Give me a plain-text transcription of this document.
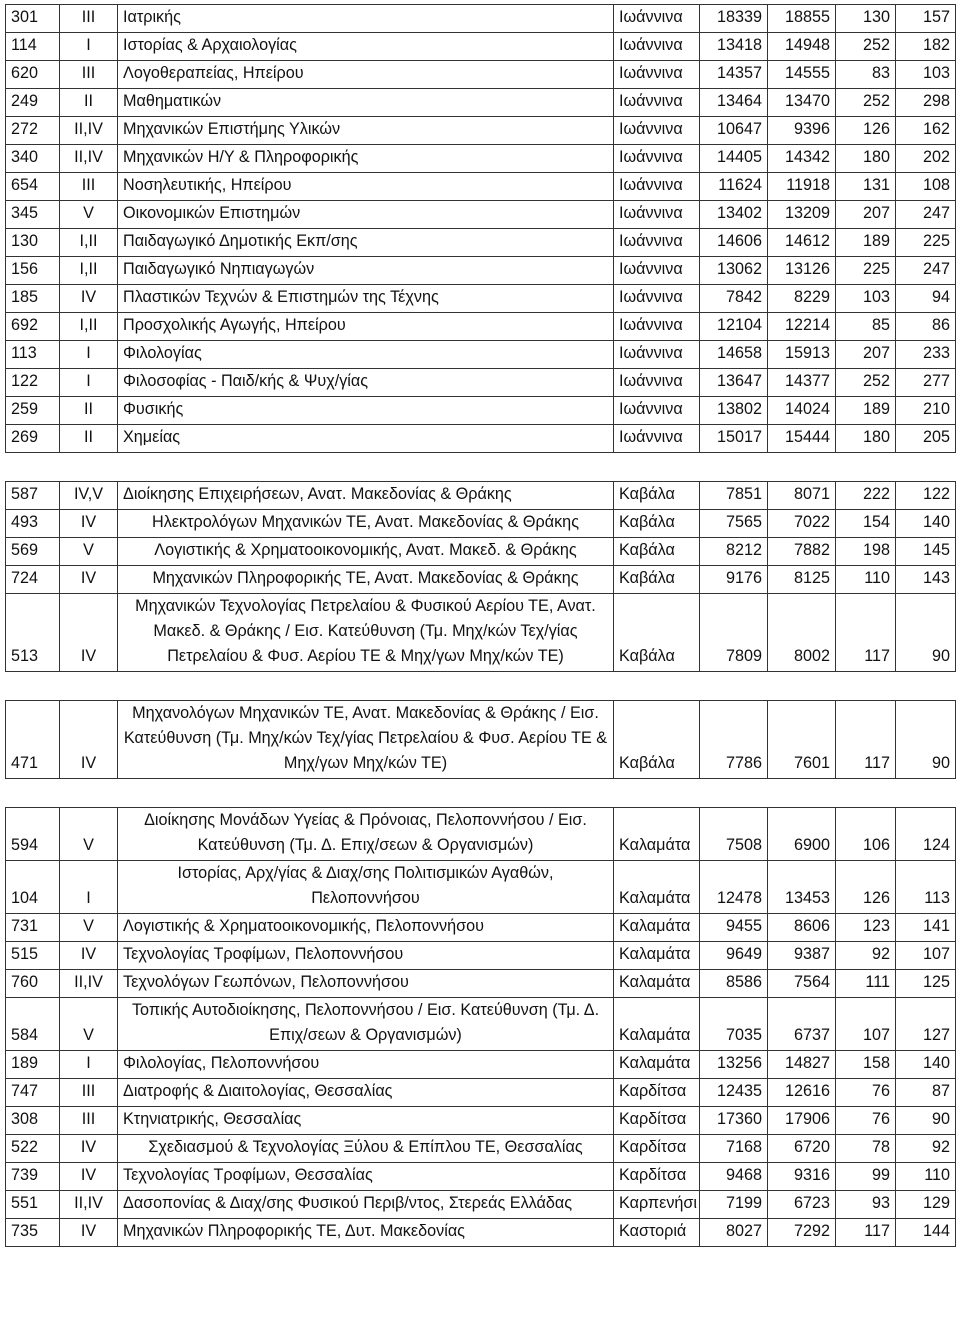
301	III	Ιατρικής	Ιωάννινα	18339	18855	130	157
114	I	Ιστορίας & Αρχαιολογίας	Ιωάννινα	13418	14948	252	182
620	III	Λογοθεραπείας, Ηπείρου	Ιωάννινα	14357	14555	83	103
249	II	Μαθηματικών	Ιωάννινα	13464	13470	252	298
272	II,IV	Μηχανικών Επιστήμης Υλικών	Ιωάννινα	10647	9396	126	162
340	II,IV	Μηχανικών Η/Υ & Πληροφορικής	Ιωάννινα	14405	14342	180	202
654	III	Νοσηλευτικής, Ηπείρου	Ιωάννινα	11624	11918	131	108
345	V	Οικονομικών Επιστημών	Ιωάννινα	13402	13209	207	247
130	I,II	Παιδαγωγικό Δημοτικής Εκπ/σης	Ιωάννινα	14606	14612	189	225
156	I,II	Παιδαγωγικό Νηπιαγωγών	Ιωάννινα	13062	13126	225	247
185	IV	Πλαστικών Τεχνών & Επιστημών της Τέχνης	Ιωάννινα	7842	8229	103	94
692	I,II	Προσχολικής Αγωγής, Ηπείρου	Ιωάννινα	12104	12214	85	86
113	I	Φιλολογίας	Ιωάννινα	14658	15913	207	233
122	I	Φιλοσοφίας - Παιδ/κής & Ψυχ/γίας	Ιωάννινα	13647	14377	252	277
259	II	Φυσικής	Ιωάννινα	13802	14024	189	210
269	II	Χημείας	Ιωάννινα	15017	15444	180	205

587	IV,V	Διοίκησης Επιχειρήσεων, Ανατ. Μακεδονίας & Θράκης	Καβάλα	7851	8071	222	122
493	IV	Ηλεκτρολόγων Μηχανικών ΤΕ, Ανατ. Μακεδονίας & Θράκης	Καβάλα	7565	7022	154	140
569	V	Λογιστικής & Χρηματοοικονομικής, Ανατ. Μακεδ. & Θράκης	Καβάλα	8212	7882	198	145
724	IV	Μηχανικών Πληροφορικής ΤΕ, Ανατ. Μακεδονίας & Θράκης	Καβάλα	9176	8125	110	143
513	IV	Μηχανικών Τεχνολογίας Πετρελαίου & Φυσικού Αερίου ΤΕ, Ανατ. Μακεδ. & Θράκης / Εισ. Κατεύθυνση (Τμ. Μηχ/κών Τεχ/γίας Πετρελαίου & Φυσ. Αερίου ΤΕ & Μηχ/γων Μηχ/κών ΤΕ)	Καβάλα	7809	8002	117	90

471	IV	Μηχανολόγων Μηχανικών ΤΕ, Ανατ. Μακεδονίας & Θράκης / Εισ. Κατεύθυνση (Τμ. Μηχ/κών Τεχ/γίας Πετρελαίου & Φυσ. Αερίου ΤΕ & Μηχ/γων Μηχ/κών ΤΕ)	Καβάλα	7786	7601	117	90

594	V	Διοίκησης Μονάδων Υγείας & Πρόνοιας, Πελοποννήσου / Εισ. Κατεύθυνση (Τμ. Δ. Επιχ/σεων & Οργανισμών)	Καλαμάτα	7508	6900	106	124
104	I	Ιστορίας, Αρχ/γίας & Διαχ/σης Πολιτισμικών Αγαθών, Πελοποννήσου	Καλαμάτα	12478	13453	126	113
731	V	Λογιστικής & Χρηματοοικονομικής, Πελοποννήσου	Καλαμάτα	9455	8606	123	141
515	IV	Τεχνολογίας Τροφίμων, Πελοποννήσου	Καλαμάτα	9649	9387	92	107
760	II,IV	Τεχνολόγων Γεωπόνων, Πελοποννήσου	Καλαμάτα	8586	7564	111	125
584	V	Τοπικής Αυτοδιοίκησης, Πελοποννήσου / Εισ. Κατεύθυνση (Τμ. Δ. Επιχ/σεων & Οργανισμών)	Καλαμάτα	7035	6737	107	127
189	I	Φιλολογίας, Πελοποννήσου	Καλαμάτα	13256	14827	158	140
747	III	Διατροφής & Διαιτολογίας, Θεσσαλίας	Καρδίτσα	12435	12616	76	87
308	III	Κτηνιατρικής, Θεσσαλίας	Καρδίτσα	17360	17906	76	90
522	IV	Σχεδιασμού & Τεχνολογίας Ξύλου & Επίπλου ΤΕ, Θεσσαλίας	Καρδίτσα	7168	6720	78	92
739	IV	Τεχνολογίας Τροφίμων, Θεσσαλίας	Καρδίτσα	9468	9316	99	110
551	II,IV	Δασοπονίας & Διαχ/σης Φυσικού Περιβ/ντος, Στερεάς Ελλάδας	Καρπενήσι	7199	6723	93	129
735	IV	Μηχανικών Πληροφορικής ΤΕ, Δυτ. Μακεδονίας	Καστοριά	8027	7292	117	144
